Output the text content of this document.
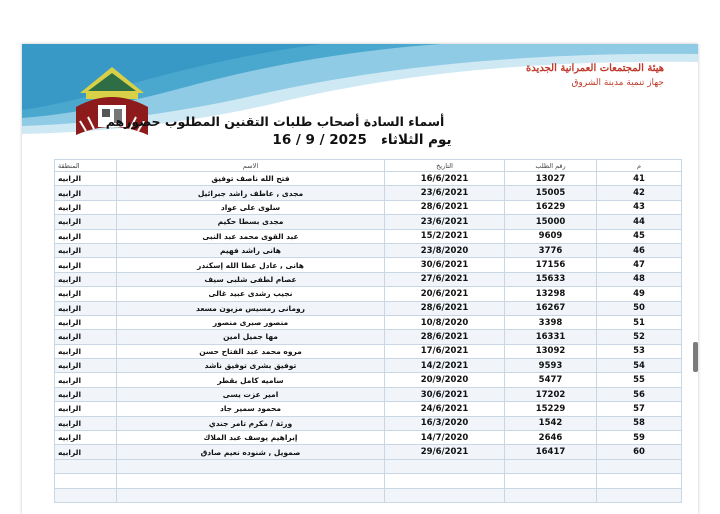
هيئة المجتمعات العمرانية الجديدة
جهاز تنمية مدينة الشروق
أسماء السادة أصحاب طلبات التقنين المطلوب حضورهم
يوم الثلاثاء   16 / 9 / 2025
المنطقة	الاسم	التاريخ	رقم الطلب	م
الرابيه	فتح الله ناصف توفيق	16/6/2021	13027	41
الرابيه	مجدى , عاطف راشد جبرائيل	23/6/2021	15005	42
الرابيه	سلوى على عواد	28/6/2021	16229	43
الرابيه	مجدى بسطا حكيم	23/6/2021	15000	44
الرابيه	عبد القوى محمد عبد النبى	15/2/2021	9609	45
الرابيه	هانى راشد فهيم	23/8/2020	3776	46
الرابيه	هانى , عادل عطا الله إسكندر	30/6/2021	17156	47
الرابيه	عصام لطفى شلبى سيف	27/6/2021	15633	48
الرابيه	نجيب رشدى عبيد غالى	20/6/2021	13298	49
الرابيه	رومانى رمسيس مزيون مسعد	28/6/2021	16267	50
الرابيه	منصور صبرى منصور	10/8/2020	3398	51
الرابيه	مها جميل امين	28/6/2021	16331	52
الرابيه	مروه محمد عبد الفتاح حسن	17/6/2021	13092	53
الرابيه	توفيق بشرى توفيق ناشد	14/2/2021	9593	54
الرابيه	ساميه كامل بقطر	20/9/2020	5477	55
الرابيه	امير عزت يسى	30/6/2021	17202	56
الرابيه	محمود سمير جاد	24/6/2021	15229	57
الرابيه	ورثة / مكرم تامر جندي	16/3/2020	1542	58
الرابيه	إبراهيم يوسف عبد الملاك	14/7/2020	2646	59
الرابيه	صمويل , شنوده نعيم صادق	29/6/2021	16417	60
